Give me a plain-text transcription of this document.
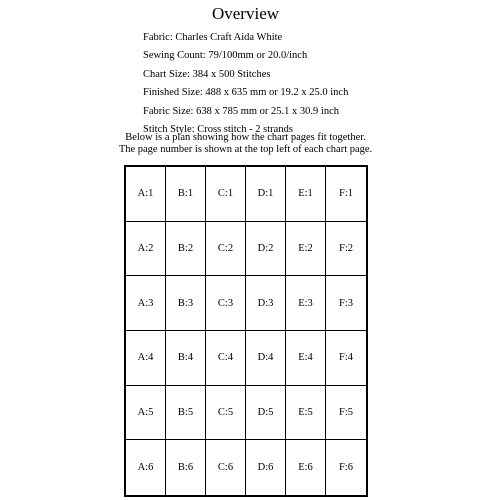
Overview
Fabric: Charles Craft Aida White
Sewing Count: 79/100mm or 20.0/inch
Chart Size: 384 x 500 Stitches
Finished Size: 488 x 635 mm or 19.2 x 25.0 inch
Fabric Size: 638 x 785 mm or 25.1 x 30.9 inch
Stitch Style: Cross stitch - 2 strands
Below is a plan showing how the chart pages fit together.
The page number is shown at the top left of each chart page.
A:1	B:1	C:1	D:1	E:1	F:1
A:2	B:2	C:2	D:2	E:2	F:2
A:3	B:3	C:3	D:3	E:3	F:3
A:4	B:4	C:4	D:4	E:4	F:4
A:5	B:5	C:5	D:5	E:5	F:5
A:6	B:6	C:6	D:6	E:6	F:6
